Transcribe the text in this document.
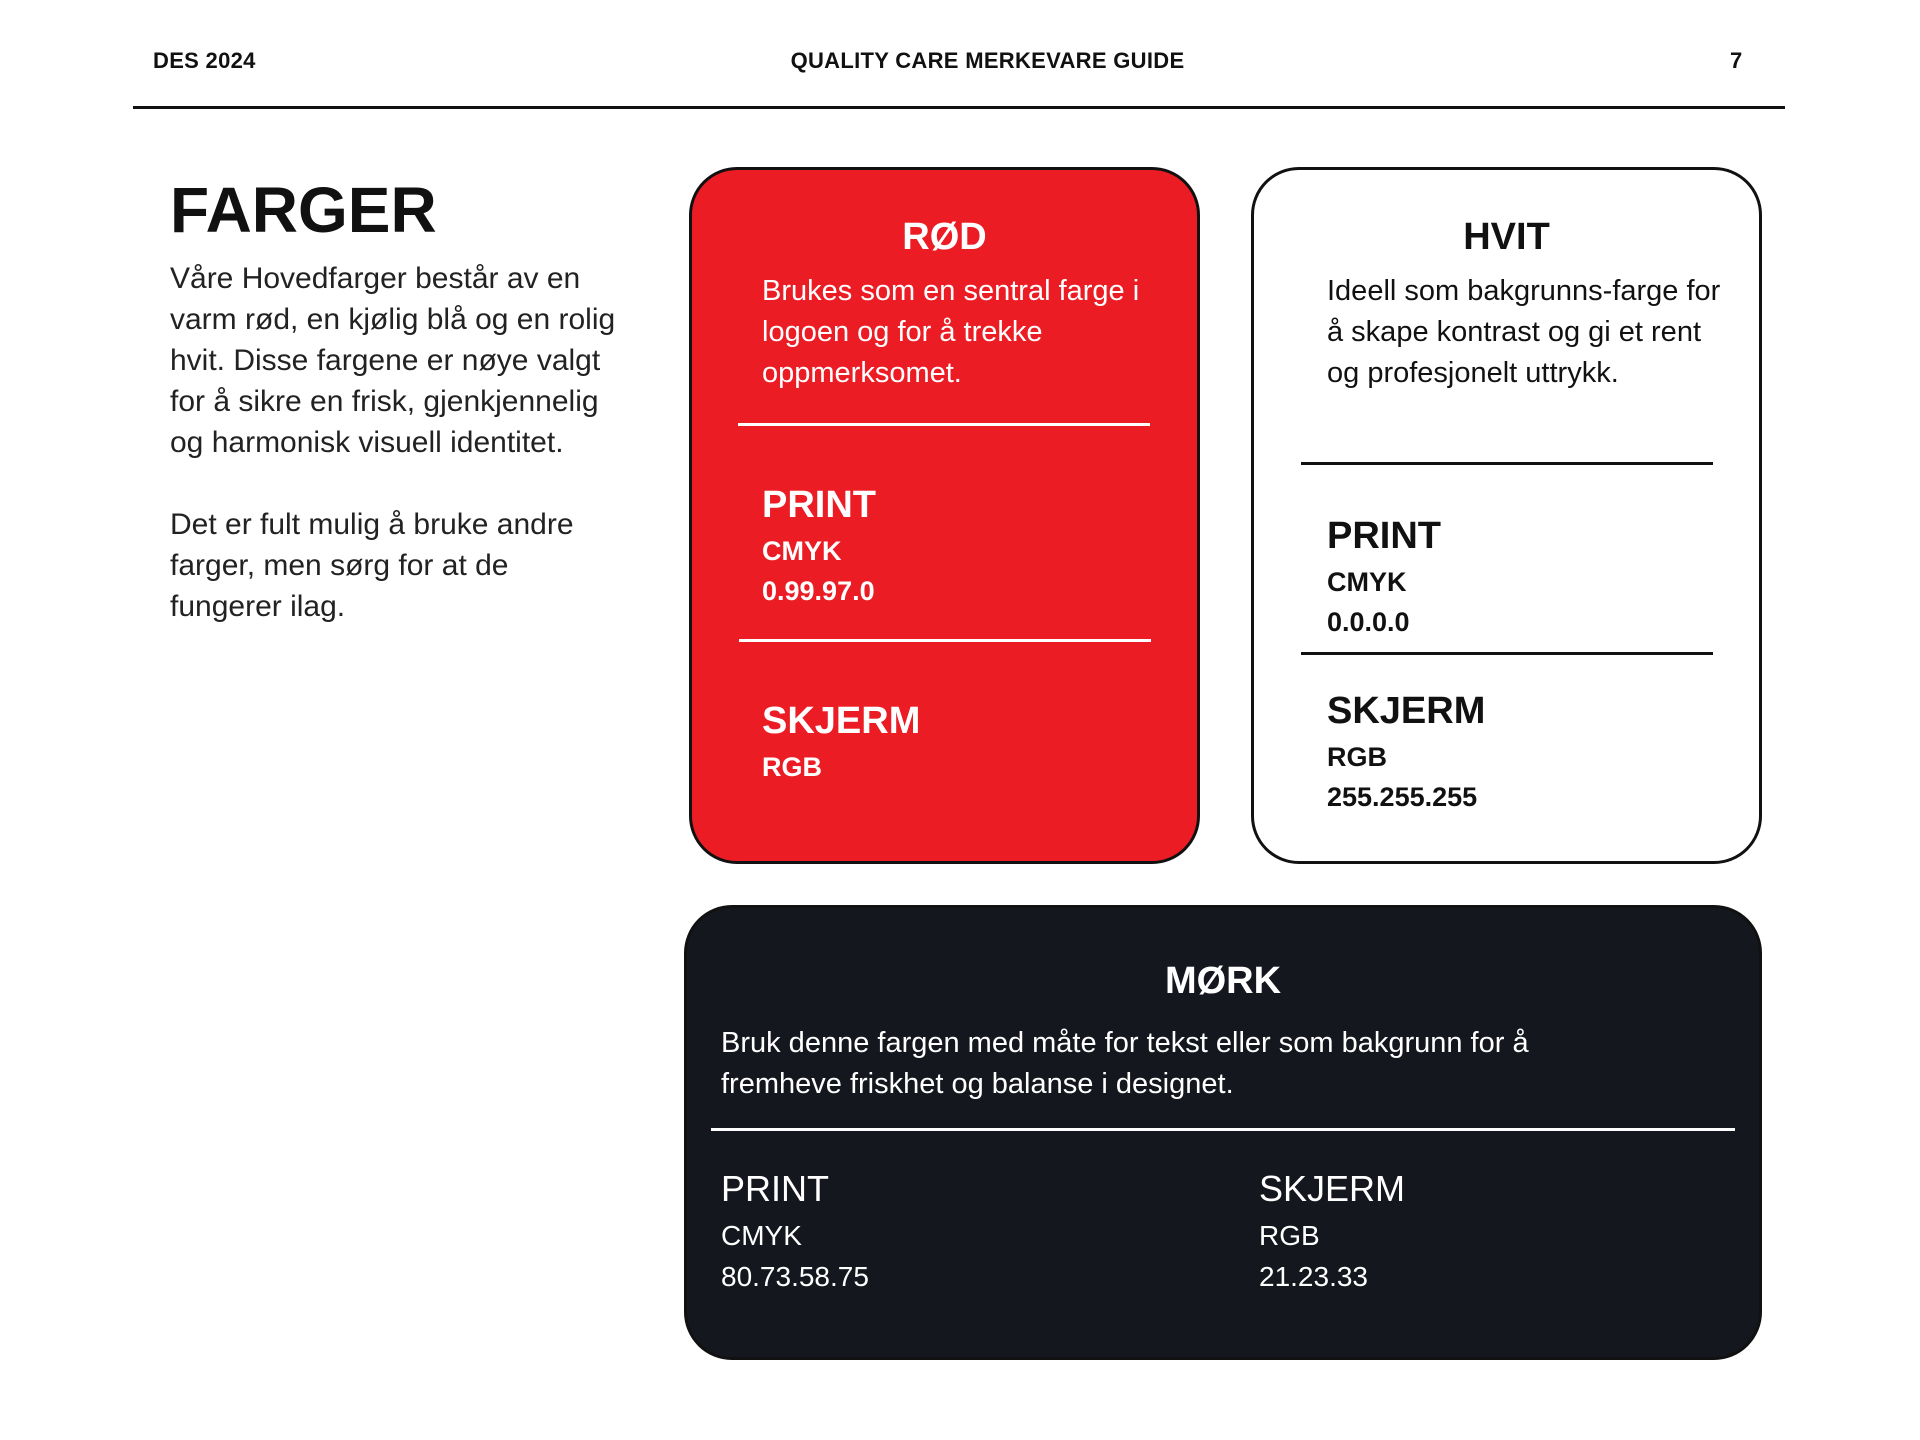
DES 2024	QUALITY CARE MERKEVARE GUIDE	7
FARGER

Våre Hovedfarger består av en varm rød, en kjølig blå og en rolig hvit. Disse fargene er nøye valgt for å sikre en frisk, gjenkjennelig og harmonisk visuell identitet.

Det er fult mulig å bruke andre farger, men sørg for at de fungerer ilag.

RØD
Brukes som en sentral farge i logoen og for å trekke oppmerksomet.
PRINT
CMYK
0.99.97.0
SKJERM
RGB
HVIT
Ideell som bakgrunns-farge for å skape kontrast og gi et rent og profesjonelt uttrykk.
PRINT
CMYK
0.0.0.0
SKJERM
RGB
255.255.255
MØRK
Bruk denne fargen med måte for tekst eller som bakgrunn for å fremheve friskhet og balanse i designet.
PRINT
CMYK
80.73.58.75
SKJERM
RGB
21.23.33
